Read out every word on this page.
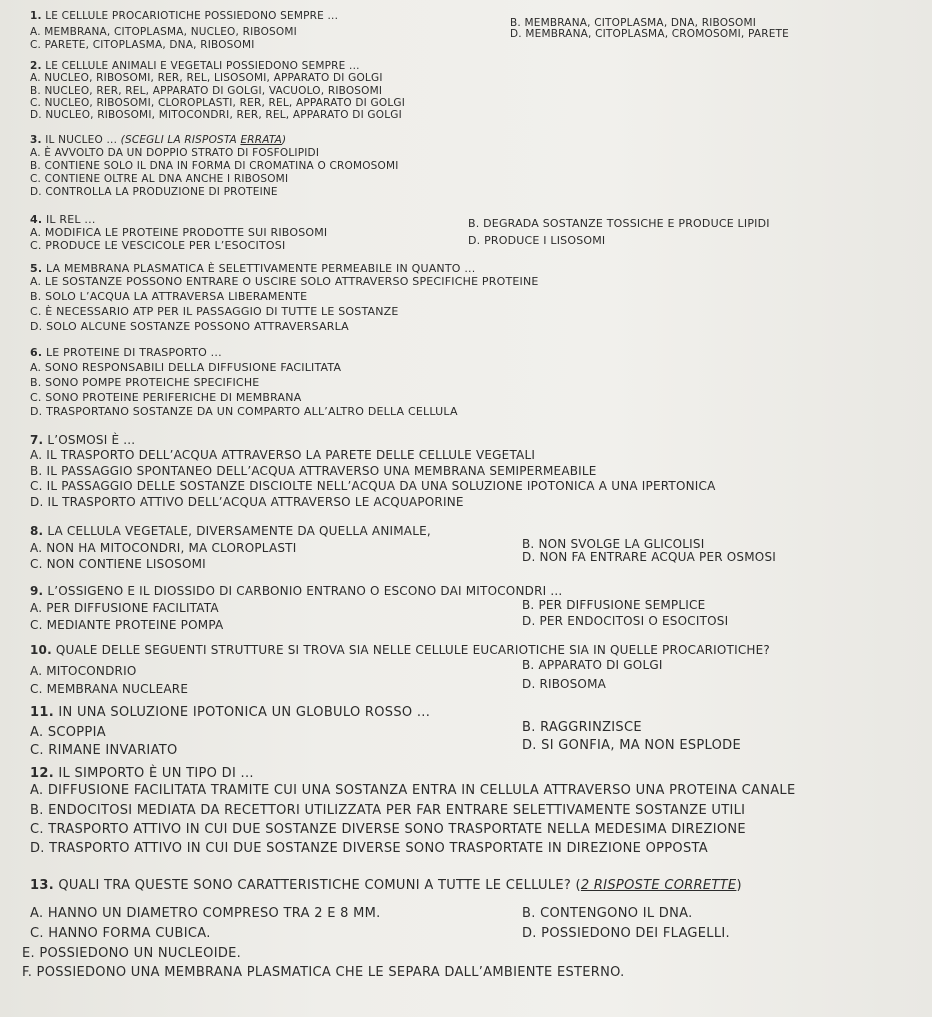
1. LE CELLULE PROCARIOTICHE POSSIEDONO SEMPRE ...
A. MEMBRANA, CITOPLASMA, NUCLEO, RIBOSOMI
B. MEMBRANA, CITOPLASMA, DNA, RIBOSOMI
C. PARETE, CITOPLASMA, DNA, RIBOSOMI
D. MEMBRANA, CITOPLASMA, CROMOSOMI, PARETE
2. LE CELLULE ANIMALI E VEGETALI POSSIEDONO SEMPRE ...
A. NUCLEO, RIBOSOMI, RER, REL, LISOSOMI, APPARATO DI GOLGI
B. NUCLEO, RER, REL, APPARATO DI GOLGI, VACUOLO, RIBOSOMI
C. NUCLEO, RIBOSOMI, CLOROPLASTI, RER, REL, APPARATO DI GOLGI
D. NUCLEO, RIBOSOMI, MITOCONDRI, RER, REL, APPARATO DI GOLGI
3. IL NUCLEO ... (SCEGLI LA RISPOSTA ERRATA)
A. È AVVOLTO DA UN DOPPIO STRATO DI FOSFOLIPIDI
B. CONTIENE SOLO IL DNA IN FORMA DI CROMATINA O CROMOSOMI
C. CONTIENE OLTRE AL DNA ANCHE I RIBOSOMI
D. CONTROLLA LA PRODUZIONE DI PROTEINE
4. IL REL ...
A. MODIFICA LE PROTEINE PRODOTTE SUI RIBOSOMI
B. DEGRADA SOSTANZE TOSSICHE E PRODUCE LIPIDI
C. PRODUCE LE VESCICOLE PER L’ESOCITOSI	D. PRODUCE I LISOSOMI
5. LA MEMBRANA PLASMATICA È SELETTIVAMENTE PERMEABILE IN QUANTO ...
A. LE SOSTANZE POSSONO ENTRARE O USCIRE SOLO ATTRAVERSO SPECIFICHE PROTEINE
B. SOLO L’ACQUA LA ATTRAVERSA LIBERAMENTE
C. È NECESSARIO ATP PER IL PASSAGGIO DI TUTTE LE SOSTANZE
D. SOLO ALCUNE SOSTANZE POSSONO ATTRAVERSARLA
6. LE PROTEINE DI TRASPORTO ...
A. SONO RESPONSABILI DELLA DIFFUSIONE FACILITATA
B. SONO POMPE PROTEICHE SPECIFICHE
C. SONO PROTEINE PERIFERICHE DI MEMBRANA
D. TRASPORTANO SOSTANZE DA UN COMPARTO ALL’ALTRO DELLA CELLULA
7. L’OSMOSI È ...
A. IL TRASPORTO DELL’ACQUA ATTRAVERSO LA PARETE DELLE CELLULE VEGETALI
B. IL PASSAGGIO SPONTANEO DELL’ACQUA ATTRAVERSO UNA MEMBRANA SEMIPERMEABILE
C. IL PASSAGGIO DELLE SOSTANZE DISCIOLTE NELL’ACQUA DA UNA SOLUZIONE IPOTONICA A UNA IPERTONICA
D. IL TRASPORTO ATTIVO DELL’ACQUA ATTRAVERSO LE ACQUAPORINE
8. LA CELLULA VEGETALE, DIVERSAMENTE DA QUELLA ANIMALE,
A. NON HA MITOCONDRI, MA CLOROPLASTI	B. NON SVOLGE LA GLICOLISI
C. NON CONTIENE LISOSOMI	D. NON FA ENTRARE ACQUA PER OSMOSI
9. L’OSSIGENO E IL DIOSSIDO DI CARBONIO ENTRANO O ESCONO DAI MITOCONDRI ...
A. PER DIFFUSIONE FACILITATA	B. PER DIFFUSIONE SEMPLICE
C. MEDIANTE PROTEINE POMPA	D. PER ENDOCITOSI O ESOCITOSI
10. QUALE DELLE SEGUENTI STRUTTURE SI TROVA SIA NELLE CELLULE EUCARIOTICHE SIA IN QUELLE PROCARIOTICHE?
A. MITOCONDRIO	B. APPARATO DI GOLGI
C. MEMBRANA NUCLEARE	D. RIBOSOMA
11. IN UNA SOLUZIONE IPOTONICA UN GLOBULO ROSSO ...
A. SCOPPIA	B. RAGGRINZISCE
C. RIMANE INVARIATO	D. SI GONFIA, MA NON ESPLODE
12. IL SIMPORTO È UN TIPO DI ...
A. DIFFUSIONE FACILITATA TRAMITE CUI UNA SOSTANZA ENTRA IN CELLULA ATTRAVERSO UNA PROTEINA CANALE
B. ENDOCITOSI MEDIATA DA RECETTORI UTILIZZATA PER FAR ENTRARE SELETTIVAMENTE SOSTANZE UTILI
C. TRASPORTO ATTIVO IN CUI DUE SOSTANZE DIVERSE SONO TRASPORTATE NELLA MEDESIMA DIREZIONE
D. TRASPORTO ATTIVO IN CUI DUE SOSTANZE DIVERSE SONO TRASPORTATE IN DIREZIONE OPPOSTA
13. QUALI TRA QUESTE SONO CARATTERISTICHE COMUNI A TUTTE LE CELLULE? (2 RISPOSTE CORRETTE)
A. HANNO UN DIAMETRO COMPRESO TRA 2 E 8 ΜM.	B. CONTENGONO IL DNA.
C. HANNO FORMA CUBICA.	D. POSSIEDONO DEI FLAGELLI.
E. POSSIEDONO UN NUCLEOIDE.
F. POSSIEDONO UNA MEMBRANA PLASMATICA CHE LE SEPARA DALL’AMBIENTE ESTERNO.
